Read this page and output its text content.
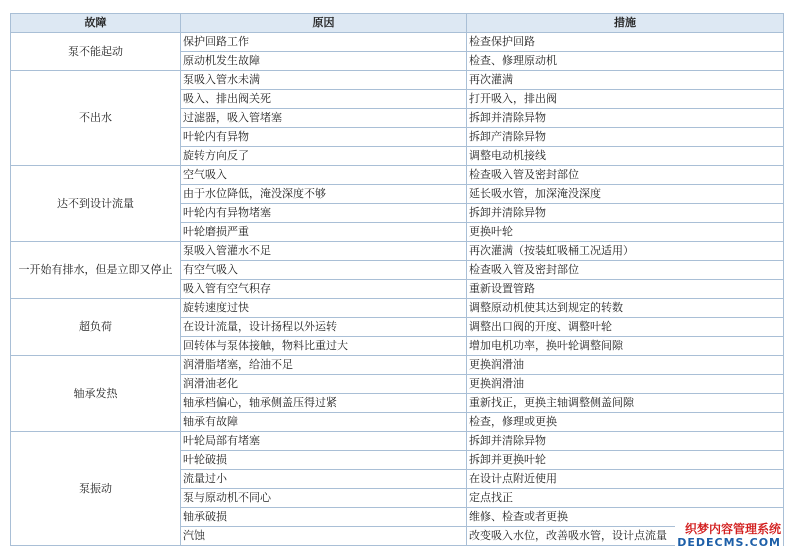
故障	原因	措施
泵不能起动	保护回路工作	检查保护回路
	原动机发生故障	检查、修理原动机
不出水	泵吸入管水未满	再次灌满
	吸入、排出阀关死	打开吸入，排出阀
	过滤器，吸入管堵塞	拆卸并清除异物
	叶轮内有异物	拆卸产清除异物
	旋转方向反了	调整电动机接线
达不到设计流量	空气吸入	检查吸入管及密封部位
	由于水位降低，淹没深度不够	延长吸水管，加深淹没深度
	叶轮内有异物堵塞	拆卸并清除异物
	叶轮磨损严重	更换叶轮
一开始有排水，但是立即又停止	泵吸入管灌水不足	再次灌满（按装虹吸桶工况适用）
	有空气吸入	检查吸入管及密封部位
	吸入管有空气积存	重新设置管路
超负荷	旋转速度过快	调整原动机使其达到规定的转数
	在设计流量，设计扬程以外运转	调整出口阀的开度、调整叶轮
	回转体与泵体接触，物料比重过大	增加电机功率，换叶轮调整间隙
轴承发热	润滑脂堵塞，给油不足	更换润滑油
	润滑油老化	更换润滑油
	轴承档偏心，轴承侧盖压得过紧	重新找正，更换主轴调整侧盖间隙
	轴承有故障	检查，修理或更换
泵振动	叶轮局部有堵塞	拆卸并清除异物
	叶轮破损	拆卸并更换叶轮
	流量过小	在设计点附近使用
	泵与原动机不同心	定点找正
	轴承破损	维修、检查或者更换
	汽蚀	改变吸入水位，改善吸水管，设计点流量	织梦内容管理系统
DEDECMS.COM
